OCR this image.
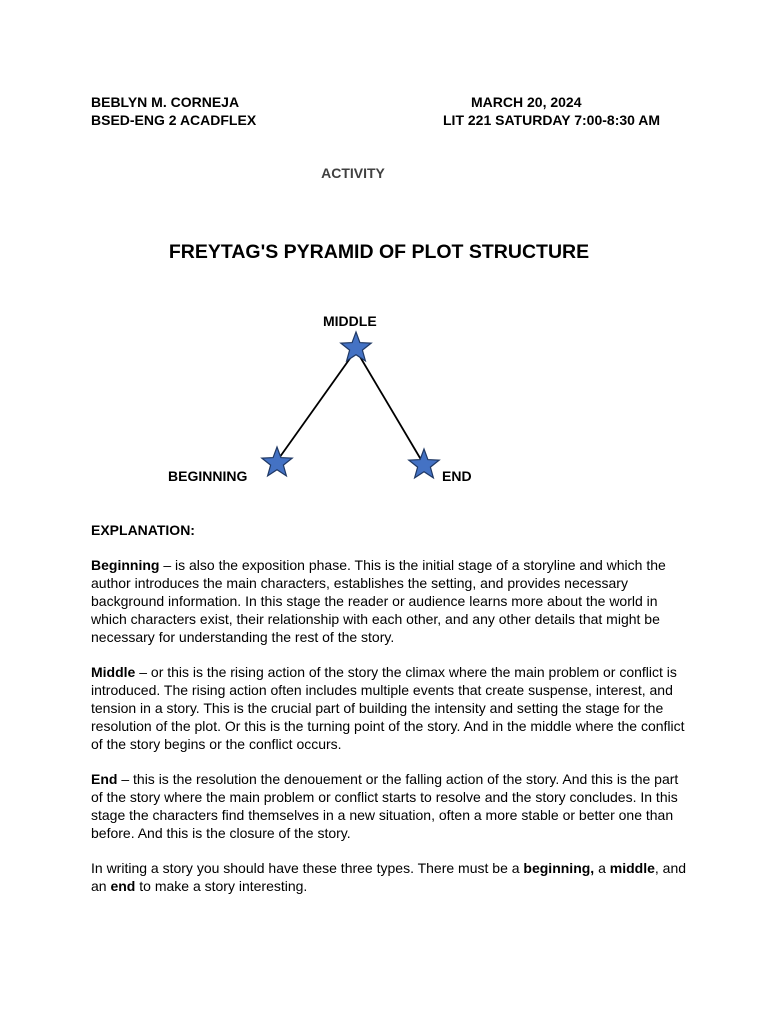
BEBLYN M. CORNEJA

BSED-ENG 2 ACADFLEX

MARCH 20, 2024

LIT 221 SATURDAY 7:00-8:30 AM

ACTIVITY
FREYTAG'S PYRAMID OF PLOT STRUCTURE
MIDDLE
BEGINNING	END

EXPLANATION:

Beginning – is also the exposition phase. This is the initial stage of a storyline and which the author introduces the main characters, establishes the setting, and provides necessary background information. In this stage the reader or audience learns more about the world in which characters exist, their relationship with each other, and any other details that might be necessary for understanding the rest of the story.

Middle – or this is the rising action of the story the climax where the main problem or conflict is introduced. The rising action often includes multiple events that create suspense, interest, and tension in a story. This is the crucial part of building the intensity and setting the stage for the resolution of the plot. Or this is the turning point of the story. And in the middle where the conflict of the story begins or the conflict occurs.

End – this is the resolution the denouement or the falling action of the story. And this is the part of the story where the main problem or conflict starts to resolve and the story concludes. In this stage the characters find themselves in a new situation, often a more stable or better one than before. And this is the closure of the story.

In writing a story you should have these three types. There must be a beginning, a middle, and an end to make a story interesting.
